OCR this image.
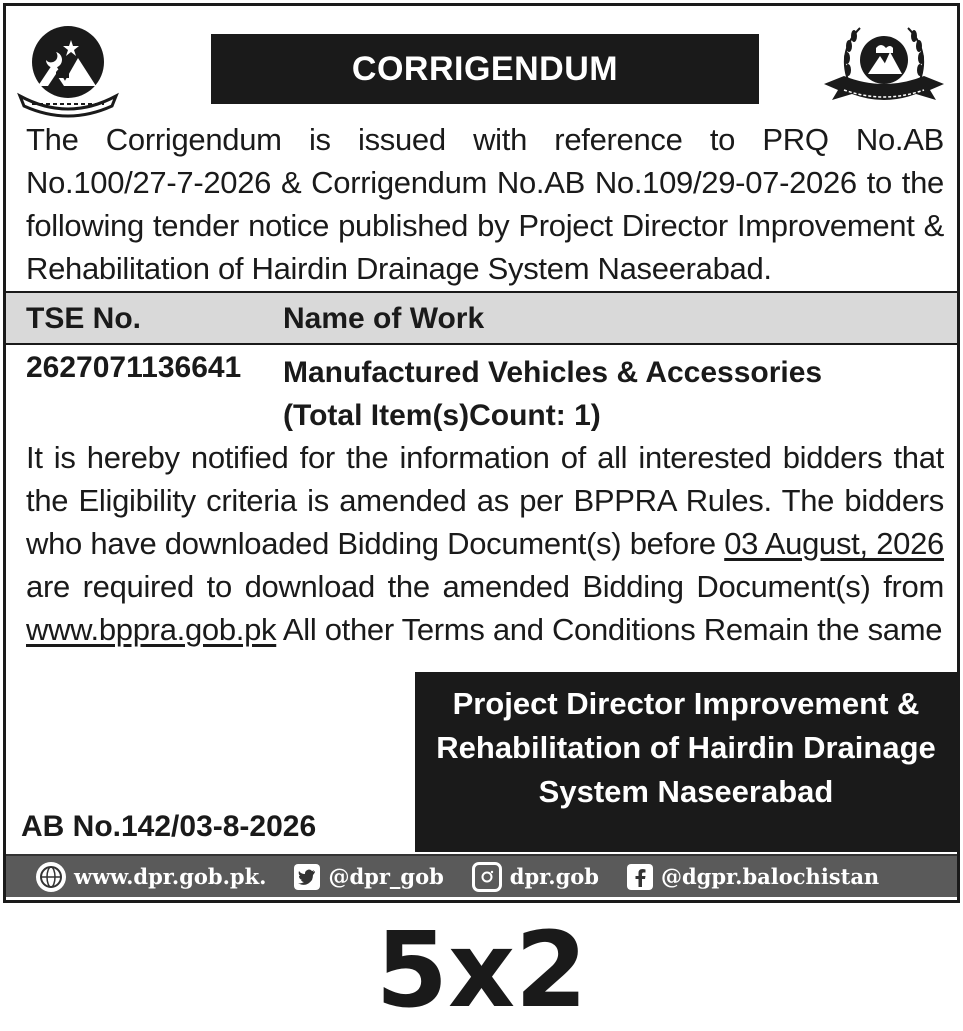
CORRIGENDUM
The Corrigendum is issued with reference to PRQ No.AB No.100/27-7-2026 & Corrigendum No.AB No.109/29-07-2026 to the following tender notice published by Project Director Improvement & Rehabilitation of Hairdin Drainage System Naseerabad.
TSE No.	Name of Work
2627071136641 Manufactured Vehicles & Accessories
(Total Item(s)Count: 1)
It is hereby notified for the information of all interested bidders that the Eligibility criteria is amended as per BPPRA Rules. The bidders who have downloaded Bidding Document(s) before 03 August, 2026 are required to download the amended Bidding Document(s) from www.bppra.gob.pk All other Terms and Conditions Remain the same
Project Director Improvement &
Rehabilitation of Hairdin Drainage
System Naseerabad
AB No.142/03-8-2026
www.dpr.gob.pk.	@dpr_gob	dpr.gob	@dgpr.balochistan
5x2
